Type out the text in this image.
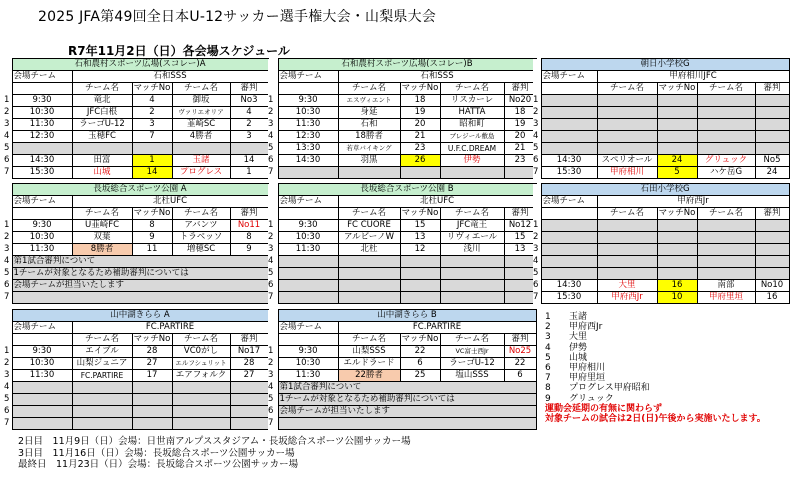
2025 JFA第49回全日本U-12サッカー選手権大会・山梨県大会
R7年11月2日（日）各会場スケジュール
	石和農村スポーツ広場(スコレー)A				
	会場チーム	石和SSS			
		チーム名	マッチNo	チーム名	審判
1	9:30	竜北	4	御坂	No3
2	10:30	JFC白根	2	ヴァリエオリア	4
3	11:30	ラーゴU-12	3	韮崎SC	2
4	12:30	玉穂FC	7	4勝者	3
5					
6	14:30	田富	1	玉諸	14
7	15:30	山城	14	プログレス	1
	石和農村スポーツ広場(スコレー)B				
	会場チーム	石和SSS			
		チーム名	マッチNo	チーム名	審判
1	9:30	エスヴィエント	18	リスカーレ	No20
2	10:30	身延	19	HATTA	18
3	11:30	石和	20	昭和町	19
4	12:30	18勝者	21	ブレジール敷島	20
5	13:30	若草バイキング	23	U.F.C.DREAM	21
6	14:30	羽黒	26	伊勢	23
7					
	朝日小学校G				
	会場チーム	甲府相川JFC			
		チーム名	マッチNo	チーム名	審判
1					
2					
3					
4					
5					
6	14:30	スペリオール	24	グリュック	No5
7	15:30	甲府相川	5	ハケ岳G	24
	長坂総合スポーツ公園 A				
	会場チーム	北杜UFC			
		チーム名	マッチNo	チーム名	審判
1	9:30	U韮崎FC	8	アバンツ	No11
2	10:30	双葉	9	トラベッソ	8
3	11:30	8勝者	11	増穂SC	9
4	第1試合審判について				
5	1チームが対象となるため補助審判については				
6	会場チームが担当いたします				
7					
	長坂総合スポーツ公園 B				
	会場チーム	北杜UFC			
		チーム名	マッチNo	チーム名	審判
1	9:30	FC CUORE	15	JFC竜王	No12
2	10:30	アルビーノW	13	リヴィエール	15
3	11:30	北杜	12	浅川	13
4					
5					
6					
7					
	石田小学校G				
	会場チーム	甲府西Jr			
		チーム名	マッチNo	チーム名	審判
1					
2					
3					
4					
5					
6	14:30	大里	16	南部	No10
7	15:30	甲府西Jr	10	甲府里垣	16
	山中湖きらら A				
	会場チーム	FC.PARTIRE			
		チーム名	マッチNo	チーム名	審判
1	9:30	エイブル	28	VC0がし	No17
2	10:30	山梨ジュニア	27	エルフシュリット	28
3	11:30	FC.PARTIRE	17	エアフォルク	27
4					
5					
6					
7					
	山中湖きらら B				
	会場チーム	FC.PARTIRE			
		チーム名	マッチNo	チーム名	審判
1	9:30	山梨SSS	22	VC富士西Jr	No25
2	10:30	エルドラード	6	ラーゴU-12	22
3	11:30	22勝者	25	塩山SSS	6
4	第1試合審判について				
5	1チームが対象となるため補助審判については				
6	会場チームが担当いたします				
7					
1	玉諸
2	甲府西Jr
3	大里
4	伊勢
5	山城
6	甲府相川
7	甲府里垣
8	プログレス甲府昭和
9	グリュック
運動会延期の有無に関わらず
対象チームの試合は2日(日)午後から実施いたします。
2日目　11月9日（日）会場：日世南アルプススタジアム・長坂総合スポーツ公園サッカー場
3日目　11月16日（日）会場：長坂総合スポーツ公園サッカー場
最終日　11月23日（日）会場：長坂総合スポーツ公園サッカー場
